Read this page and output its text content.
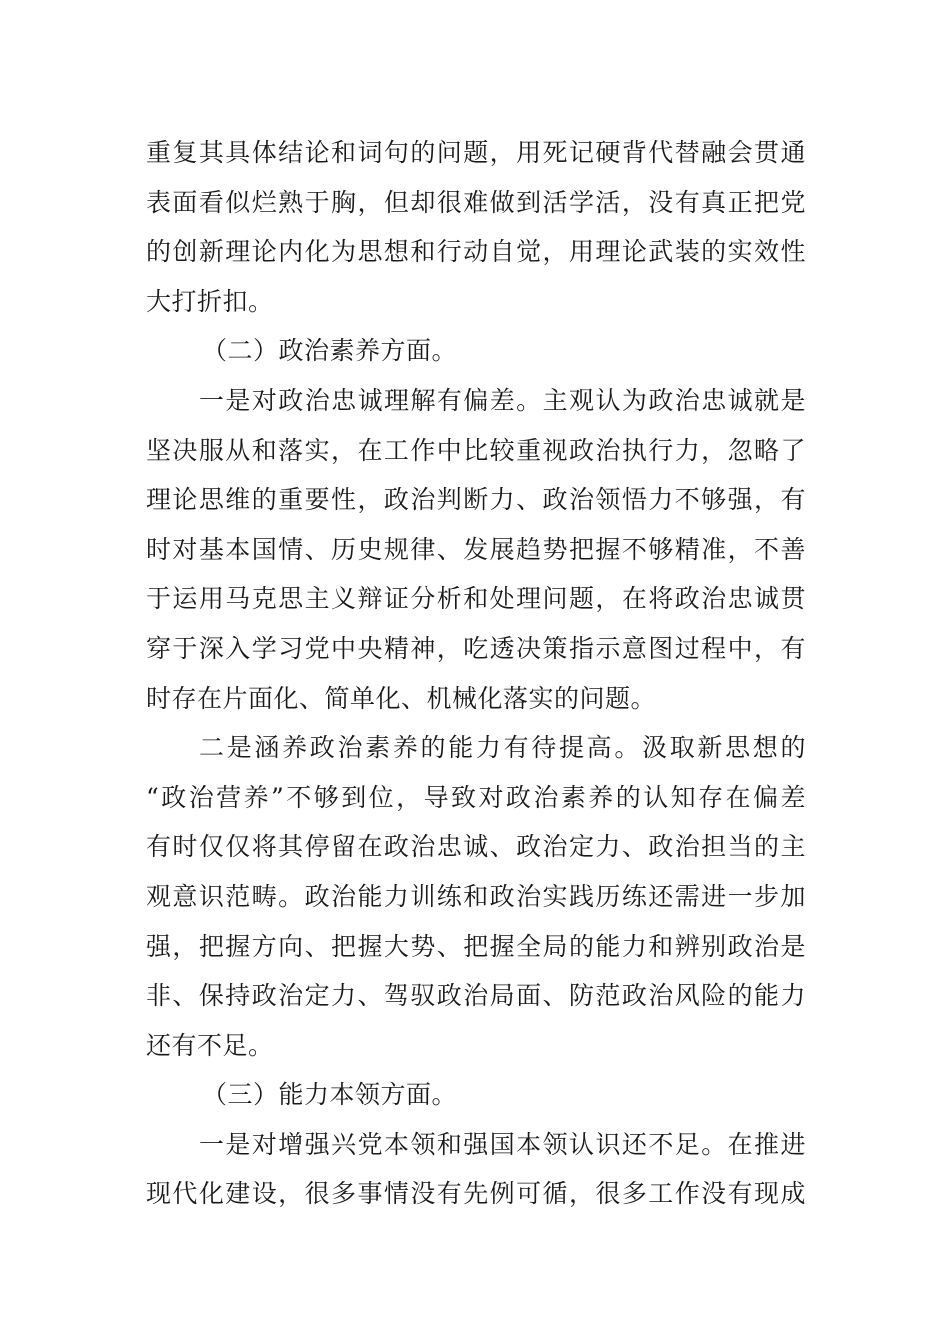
重复其具体结论和词句的问题，用死记硬背代替融会贯通
表面看似烂熟于胸，但却很难做到活学活，没有真正把党
的创新理论内化为思想和行动自觉，用理论武装的实效性
大打折扣。
（二）政治素养方面。
一是对政治忠诚理解有偏差。主观认为政治忠诚就是
坚决服从和落实，在工作中比较重视政治执行力，忽略了
理论思维的重要性，政治判断力、政治领悟力不够强，有
时对基本国情、历史规律、发展趋势把握不够精准，不善
于运用马克思主义辩证分析和处理问题，在将政治忠诚贯
穿于深入学习党中央精神，吃透决策指示意图过程中，有
时存在片面化、简单化、机械化落实的问题。
二是涵养政治素养的能力有待提高。汲取新思想的
“政治营养”不够到位，导致对政治素养的认知存在偏差
有时仅仅将其停留在政治忠诚、政治定力、政治担当的主
观意识范畴。政治能力训练和政治实践历练还需进一步加
强，把握方向、把握大势、把握全局的能力和辨别政治是
非、保持政治定力、驾驭政治局面、防范政治风险的能力
还有不足。
（三）能力本领方面。
一是对增强兴党本领和强国本领认识还不足。在推进
现代化建设，很多事情没有先例可循，很多工作没有现成
